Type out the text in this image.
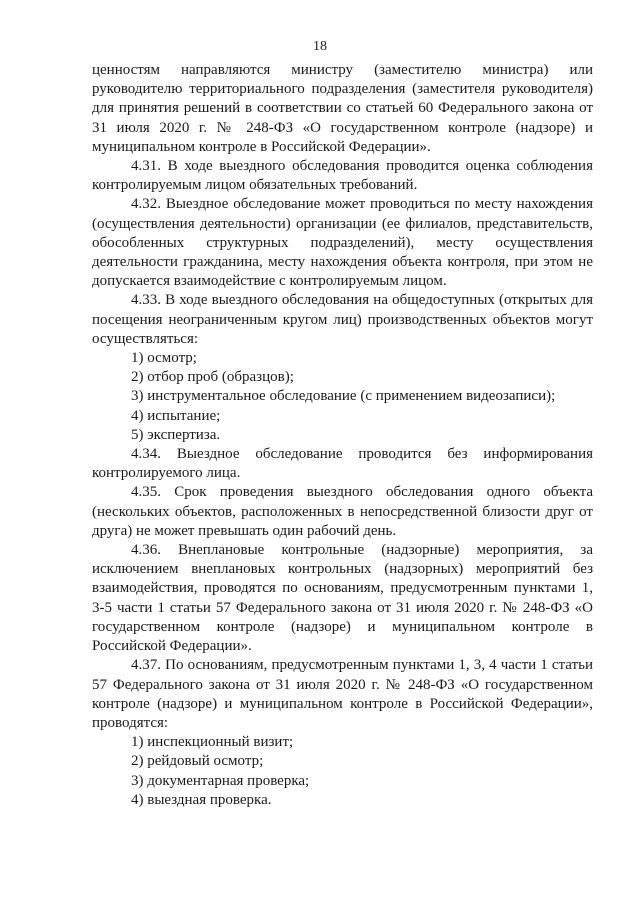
18

ценностям направляются министру (заместителю министра) или руководителю территориального подразделения (заместителя руководителя) для принятия решений в соответствии со статьей 60 Федерального закона от 31 июля 2020 г. № 248-ФЗ «О государственном контроле (надзоре) и муниципальном контроле в Российской Федерации».

4.31. В ходе выездного обследования проводится оценка соблюдения контролируемым лицом обязательных требований.

4.32. Выездное обследование может проводиться по месту нахождения (осуществления деятельности) организации (ее филиалов, представительств, обособленных структурных подразделений), месту осуществления деятельности гражданина, месту нахождения объекта контроля, при этом не допускается взаимодействие с контролируемым лицом.

4.33. В ходе выездного обследования на общедоступных (открытых для посещения неограниченным кругом лиц) производственных объектов могут осуществляться:

1) осмотр;

2) отбор проб (образцов);

3) инструментальное обследование (с применением видеозаписи);

4) испытание;

5) экспертиза.

4.34. Выездное обследование проводится без информирования контролируемого лица.

4.35. Срок проведения выездного обследования одного объекта (нескольких объектов, расположенных в непосредственной близости друг от друга) не может превышать один рабочий день.

4.36. Внеплановые контрольные (надзорные) мероприятия, за исключением внеплановых контрольных (надзорных) мероприятий без взаимодействия, проводятся по основаниям, предусмотренным пунктами 1, 3-5 части 1 статьи 57 Федерального закона от 31 июля 2020 г. № 248-ФЗ «О государственном контроле (надзоре) и муниципальном контроле в Российской Федерации».

4.37. По основаниям, предусмотренным пунктами 1, 3, 4 части 1 статьи 57 Федерального закона от 31 июля 2020 г. № 248-ФЗ «О государственном контроле (надзоре) и муниципальном контроле в Российской Федерации», проводятся:

1) инспекционный визит;

2) рейдовый осмотр;

3) документарная проверка;

4) выездная проверка.
